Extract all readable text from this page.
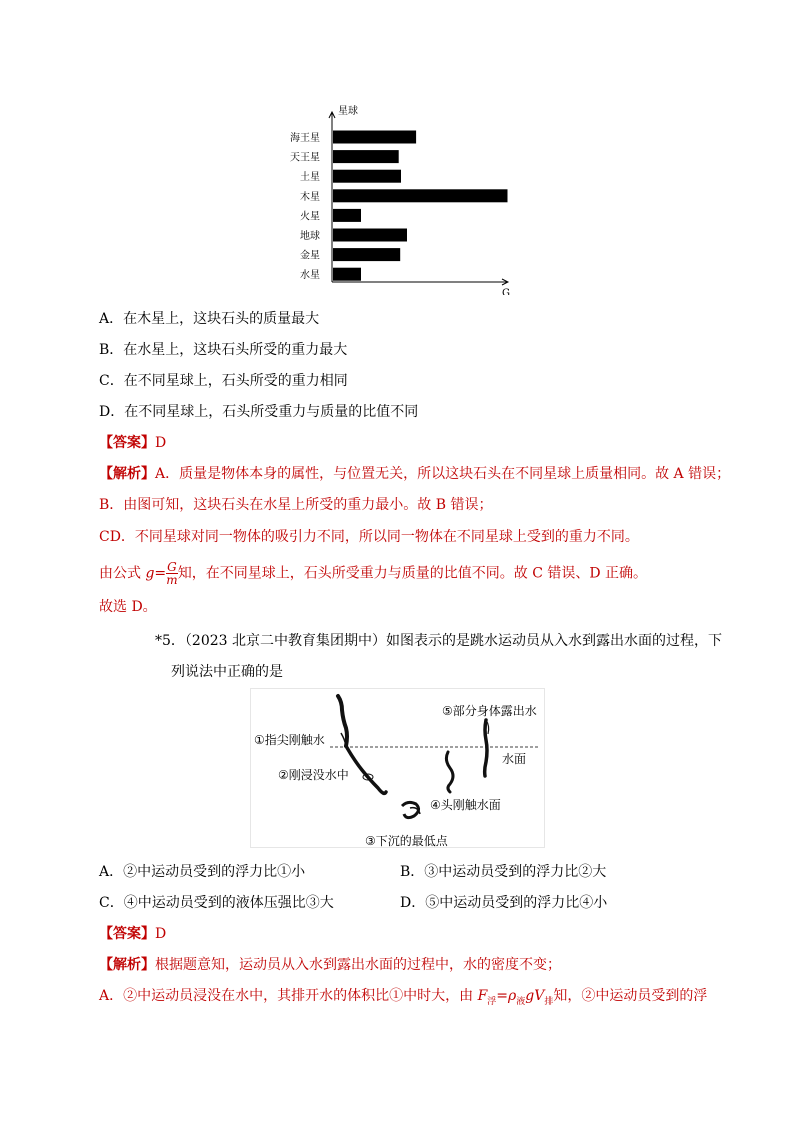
星球
G
海王星
天王星
土星
木星
火星
地球
金星
水星
A．在木星上，这块石头的质量最大
B．在水星上，这块石头所受的重力最大
C．在不同星球上，石头所受的重力相同
D．在不同星球上，石头所受重力与质量的比值不同
【答案】D
【解析】A．质量是物体本身的属性，与位置无关，所以这块石头在不同星球上质量相同。故 A 错误；
B．由图可知，这块石头在水星上所受的重力最小。故 B 错误；
CD．不同星球对同一物体的吸引力不同，所以同一物体在不同星球上受到的重力不同。
由公式 $g= \frac{G}{m}$ 知，在不同星球上，石头所受重力与质量的比值不同。故 C 错误、D 正确。
故选 D。
*5．（2023 北京二中教育集团期中）如图表示的是跳水运动员从入水到露出水面的过程，下
列说法中正确的是
①指尖刚触水
②刚浸没水中
③下沉的最低点
④头刚触水面
⑤部分身体露出水
水面
A．②中运动员受到的浮力比①小	B．③中运动员受到的浮力比②大
C．④中运动员受到的液体压强比③大	D．⑤中运动员受到的浮力比④小
【答案】D
【解析】根据题意知，运动员从入水到露出水面的过程中，水的密度不变；
A．②中运动员浸没在水中，其排开水的体积比①中时大，由 $F_浮=\rho_液gV_排$知，②中运动员受到的浮
